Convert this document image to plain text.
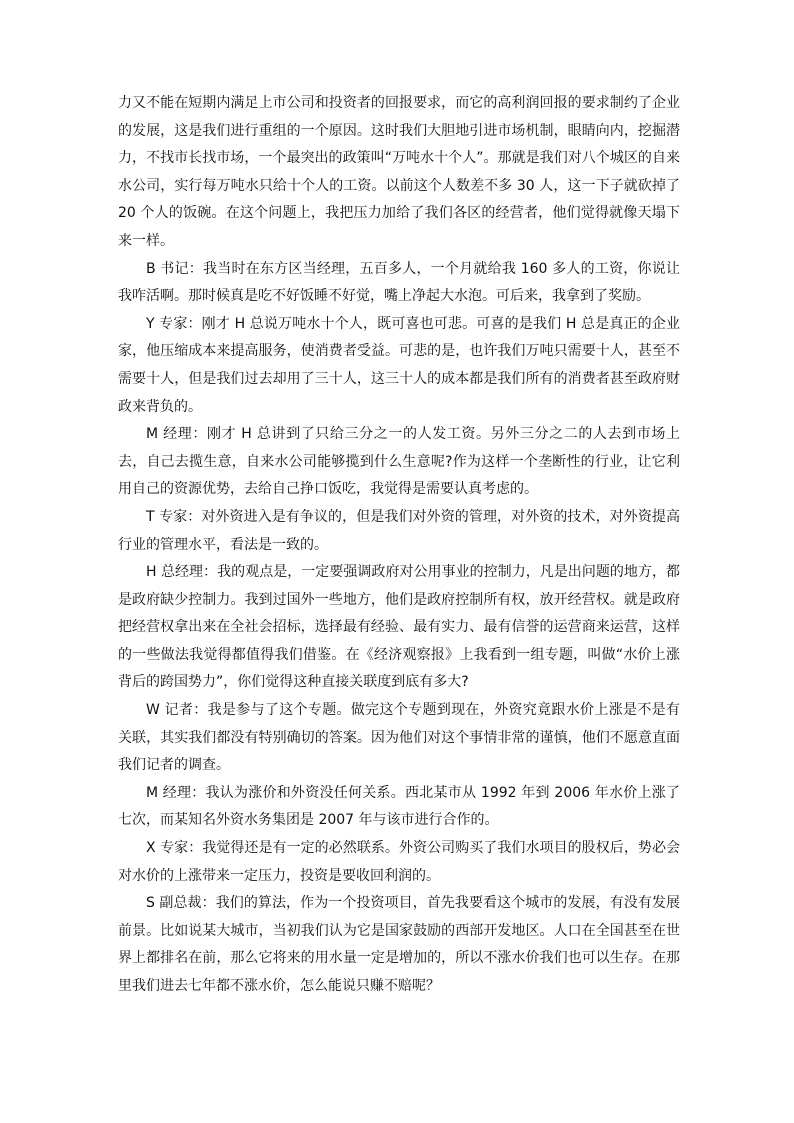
力又不能在短期内满足上市公司和投资者的回报要求，而它的高利润回报的要求制约了企业的发展，这是我们进行重组的一个原因。这时我们大胆地引进市场机制，眼睛向内，挖掘潜力，不找市长找市场，一个最突出的政策叫“万吨水十个人”。那就是我们对八个城区的自来水公司，实行每万吨水只给十个人的工资。以前这个人数差不多 30 人，这一下子就砍掉了 20 个人的饭碗。在这个问题上，我把压力加给了我们各区的经营者，他们觉得就像天塌下来一样。

B 书记：我当时在东方区当经理，五百多人，一个月就给我 160 多人的工资，你说让我咋活啊。那时候真是吃不好饭睡不好觉，嘴上净起大水泡。可后来，我拿到了奖励。

Y 专家：刚才 H 总说万吨水十个人，既可喜也可悲。可喜的是我们 H 总是真正的企业家，他压缩成本来提高服务，使消费者受益。可悲的是，也许我们万吨只需要十人，甚至不需要十人，但是我们过去却用了三十人，这三十人的成本都是我们所有的消费者甚至政府财政来背负的。

M 经理：刚才 H 总讲到了只给三分之一的人发工资。另外三分之二的人去到市场上去，自己去揽生意，自来水公司能够揽到什么生意呢?作为这样一个垄断性的行业，让它利用自己的资源优势，去给自己挣口饭吃，我觉得是需要认真考虑的。

T 专家：对外资进入是有争议的，但是我们对外资的管理，对外资的技术，对外资提高行业的管理水平，看法是一致的。

H 总经理：我的观点是，一定要强调政府对公用事业的控制力，凡是出问题的地方，都是政府缺少控制力。我到过国外一些地方，他们是政府控制所有权，放开经营权。就是政府把经营权拿出来在全社会招标，选择最有经验、最有实力、最有信誉的运营商来运营，这样的一些做法我觉得都值得我们借鉴。在《经济观察报》上我看到一组专题，叫做“水价上涨背后的跨国势力”，你们觉得这种直接关联度到底有多大?

W 记者：我是参与了这个专题。做完这个专题到现在，外资究竟跟水价上涨是不是有关联，其实我们都没有特别确切的答案。因为他们对这个事情非常的谨慎，他们不愿意直面我们记者的调查。

M 经理：我认为涨价和外资没任何关系。西北某市从 1992 年到 2006 年水价上涨了七次，而某知名外资水务集团是 2007 年与该市进行合作的。

X 专家：我觉得还是有一定的必然联系。外资公司购买了我们水项目的股权后，势必会对水价的上涨带来一定压力，投资是要收回利润的。

S 副总裁：我们的算法，作为一个投资项目，首先我要看这个城市的发展，有没有发展前景。比如说某大城市，当初我们认为它是国家鼓励的西部开发地区。人口在全国甚至在世界上都排名在前，那么它将来的用水量一定是增加的，所以不涨水价我们也可以生存。在那里我们进去七年都不涨水价，怎么能说只赚不赔呢？
